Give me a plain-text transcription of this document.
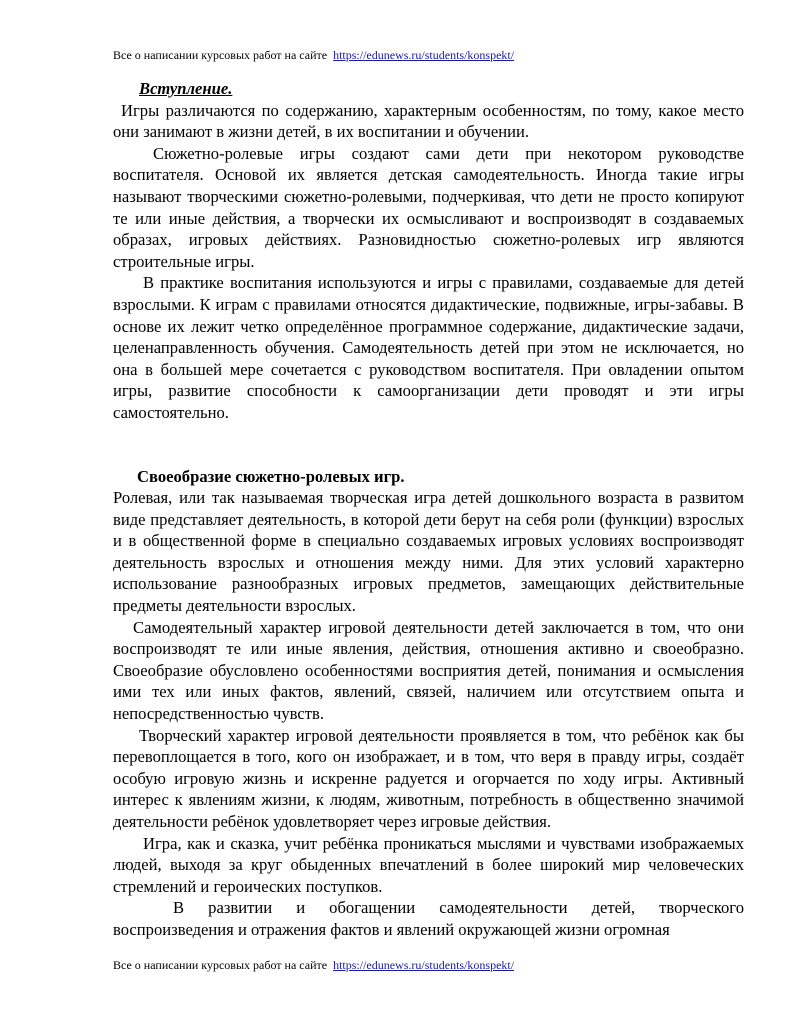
Все о написании курсовых работ на сайте https://edunews.ru/students/konspekt/
Вступление.

Игры различаются по содержанию, характерным особенностям, по тому, какое место они занимают в жизни детей, в их воспитании и обучении.

Сюжетно-ролевые игры создают сами дети при некотором руководстве воспитателя. Основой их является детская самодеятельность. Иногда такие игры называют творческими сюжетно-ролевыми, подчеркивая, что дети не просто копируют те или иные действия, а творчески их осмысливают и воспроизводят в создаваемых образах, игровых действиях. Разновидностью сюжетно-ролевых игр являются строительные игры.

В практике воспитания используются и игры с правилами, создаваемые для детей взрослыми. К играм с правилами относятся дидактические, подвижные, игры-забавы. В основе их лежит четко определённое программное содержание, дидактические задачи, целенаправленность обучения. Самодеятельность детей при этом не исключается, но она в большей мере сочетается с руководством воспитателя. При овладении опытом игры, развитие способности к самоорганизации дети проводят и эти игры самостоятельно.

Своеобразие сюжетно-ролевых игр.

Ролевая, или так называемая творческая игра детей дошкольного возраста в развитом виде представляет деятельность, в которой дети берут на себя роли (функции) взрослых и в общественной форме в специально создаваемых игровых условиях воспроизводят деятельность взрослых и отношения между ними. Для этих условий характерно использование разнообразных игровых предметов, замещающих действительные предметы деятельности взрослых.

Самодеятельный характер игровой деятельности детей заключается в том, что они воспроизводят те или иные явления, действия, отношения активно и своеобразно. Своеобразие обусловлено особенностями восприятия детей, понимания и осмысления ими тех или иных фактов, явлений, связей, наличием или отсутствием опыта и непосредственностью чувств.

Творческий характер игровой деятельности проявляется в том, что ребёнок как бы перевоплощается в того, кого он изображает, и в том, что веря в правду игры, создаёт особую игровую жизнь и искренне радуется и огорчается по ходу игры. Активный интерес к явлениям жизни, к людям, животным, потребность в общественно значимой деятельности ребёнок удовлетворяет через игровые действия.

Игра, как и сказка, учит ребёнка проникаться мыслями и чувствами изображаемых людей, выходя за круг обыденных впечатлений в более широкий мир человеческих стремлений и героических поступков.

В развитии и обогащении самодеятельности детей, творческого воспроизведения и отражения фактов и явлений окружающей жизни огромная

Все о написании курсовых работ на сайте https://edunews.ru/students/konspekt/
